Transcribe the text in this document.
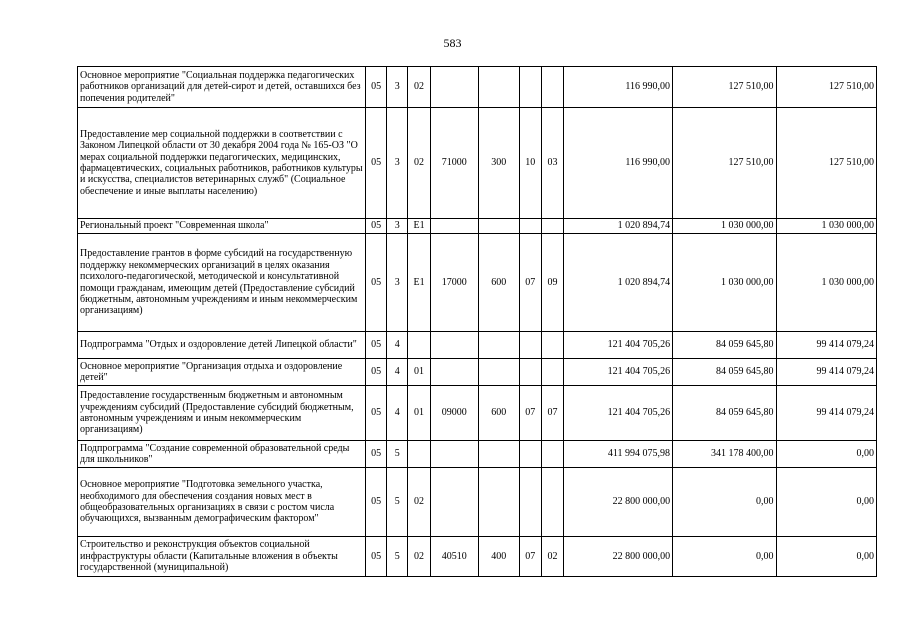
583
Основное мероприятие "Социальная поддержка педагогических работников организаций для детей-сирот и детей, оставшихся без попечения родителей"	05	3	02					116 990,00	127 510,00	127 510,00
Предоставление мер социальной поддержки в соответствии с Законом Липецкой области от 30 декабря 2004 года № 165-ОЗ "О мерах социальной поддержки педагогических, медицинских, фармацевтических, социальных работников, работников культуры и искусства, специалистов ветеринарных служб" (Социальное обеспечение и иные выплаты населению)	05	3	02	71000	300	10	03	116 990,00	127 510,00	127 510,00
Региональный проект "Современная школа"	05	3	E1					1 020 894,74	1 030 000,00	1 030 000,00
Предоставление грантов в форме субсидий на государственную поддержку некоммерческих организаций в целях оказания психолого-педагогической, методической и консультативной помощи гражданам, имеющим детей (Предоставление субсидий бюджетным, автономным учреждениям и иным некоммерческим организациям)	05	3	E1	17000	600	07	09	1 020 894,74	1 030 000,00	1 030 000,00
Подпрограмма "Отдых и оздоровление детей Липецкой области"	05	4						121 404 705,26	84 059 645,80	99 414 079,24
Основное мероприятие "Организация отдыха и оздоровление детей"	05	4	01					121 404 705,26	84 059 645,80	99 414 079,24
Предоставление государственным бюджетным и автономным учреждениям субсидий (Предоставление субсидий бюджетным, автономным учреждениям и иным некоммерческим организациям)	05	4	01	09000	600	07	07	121 404 705,26	84 059 645,80	99 414 079,24
Подпрограмма "Создание современной образовательной среды для школьников"	05	5						411 994 075,98	341 178 400,00	0,00
Основное мероприятие "Подготовка земельного участка, необходимого для обеспечения создания новых мест в общеобразовательных организациях в связи с ростом числа обучающихся, вызванным демографическим фактором"	05	5	02					22 800 000,00	0,00	0,00
Строительство и реконструкция объектов социальной инфраструктуры области (Капитальные вложения в объекты государственной (муниципальной)	05	5	02	40510	400	07	02	22 800 000,00	0,00	0,00
